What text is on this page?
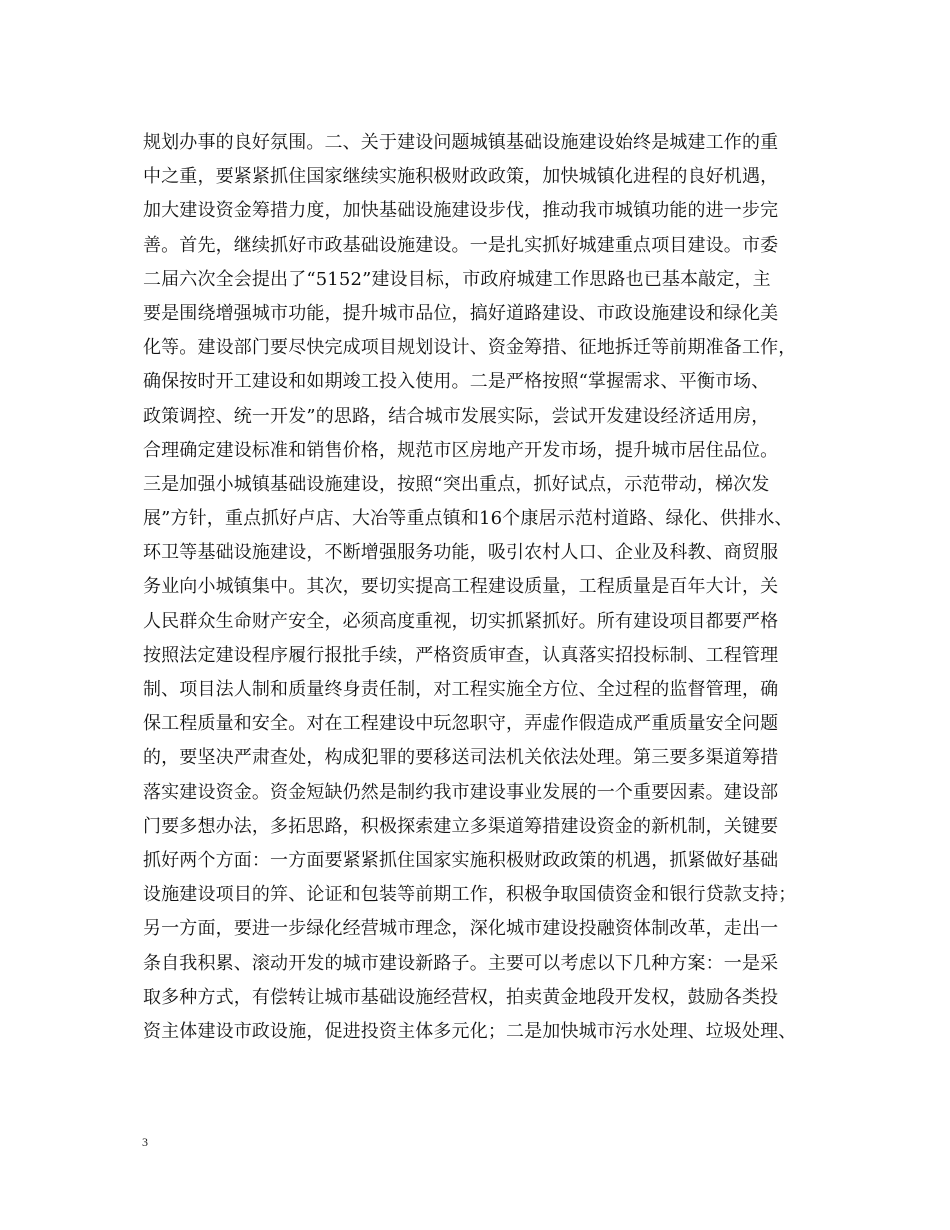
规划办事的良好氛围。二、关于建设问题城镇基础设施建设始终是城建工作的重
中之重，要紧紧抓住国家继续实施积极财政政策，加快城镇化进程的良好机遇，
加大建设资金筹措力度，加快基础设施建设步伐，推动我市城镇功能的进一步完
善。首先，继续抓好市政基础设施建设。一是扎实抓好城建重点项目建设。市委
二届六次全会提出了“5152”建设目标，市政府城建工作思路也已基本敲定，主
要是围绕增强城市功能，提升城市品位，搞好道路建设、市政设施建设和绿化美
化等。建设部门要尽快完成项目规划设计、资金筹措、征地拆迁等前期准备工作，
确保按时开工建设和如期竣工投入使用。二是严格按照“掌握需求、平衡市场、
政策调控、统一开发”的思路，结合城市发展实际，尝试开发建设经济适用房，
合理确定建设标准和销售价格，规范市区房地产开发市场，提升城市居住品位。
三是加强小城镇基础设施建设，按照“突出重点，抓好试点，示范带动，梯次发
展”方针，重点抓好卢店、大冶等重点镇和16个康居示范村道路、绿化、供排水、
环卫等基础设施建设，不断增强服务功能，吸引农村人口、企业及科教、商贸服
务业向小城镇集中。其次，要切实提高工程建设质量，工程质量是百年大计，关
人民群众生命财产安全，必须高度重视，切实抓紧抓好。所有建设项目都要严格
按照法定建设程序履行报批手续，严格资质审查，认真落实招投标制、工程管理
制、项目法人制和质量终身责任制，对工程实施全方位、全过程的监督管理，确
保工程质量和安全。对在工程建设中玩忽职守，弄虚作假造成严重质量安全问题
的，要坚决严肃查处，构成犯罪的要移送司法机关依法处理。第三要多渠道筹措
落实建设资金。资金短缺仍然是制约我市建设事业发展的一个重要因素。建设部
门要多想办法，多拓思路，积极探索建立多渠道筹措建设资金的新机制，关键要
抓好两个方面：一方面要紧紧抓住国家实施积极财政政策的机遇，抓紧做好基础
设施建设项目的笄、论证和包装等前期工作，积极争取国债资金和银行贷款支持；
另一方面，要进一步绿化经营城市理念，深化城市建设投融资体制改革，走出一
条自我积累、滚动开发的城市建设新路子。主要可以考虑以下几种方案：一是采
取多种方式，有偿转让城市基础设施经营权，拍卖黄金地段开发权，鼓励各类投
资主体建设市政设施，促进投资主体多元化；二是加快城市污水处理、垃圾处理、
3
